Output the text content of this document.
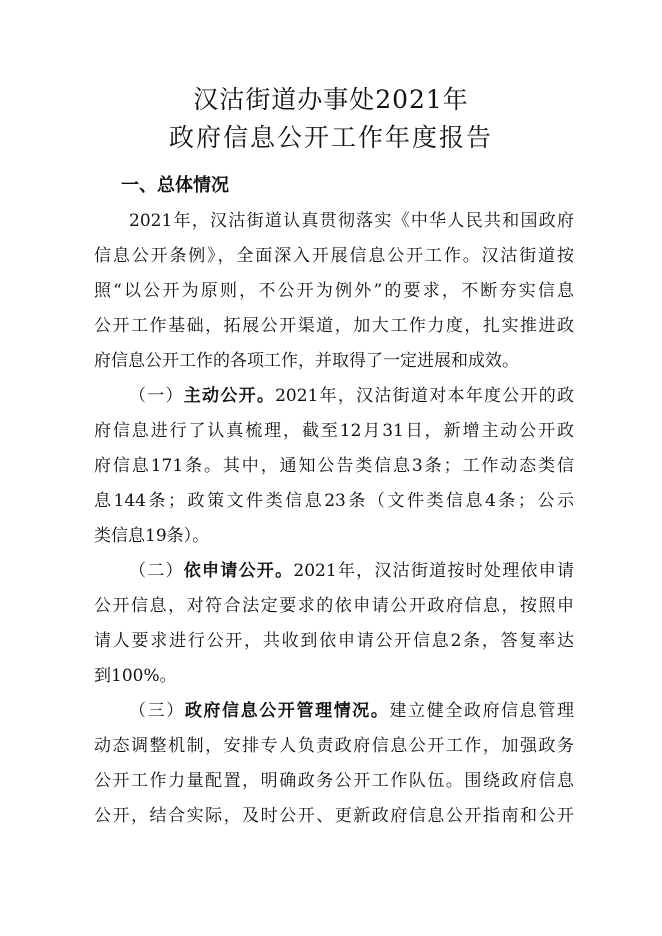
汉沽街道办事处2021年
政府信息公开工作年度报告
一、总体情况
2021年，汉沽街道认真贯彻落实《中华人民共和国政府
信息公开条例》，全面深入开展信息公开工作。汉沽街道按
照“以公开为原则，不公开为例外”的要求，不断夯实信息
公开工作基础，拓展公开渠道，加大工作力度，扎实推进政
府信息公开工作的各项工作，并取得了一定进展和成效。
（一）主动公开。2021年，汉沽街道对本年度公开的政
府信息进行了认真梳理，截至12月31日，新增主动公开政
府信息171条。其中，通知公告类信息3条；工作动态类信
息144条；政策文件类信息23条（文件类信息4条；公示
类信息19条）。
（二）依申请公开。2021年，汉沽街道按时处理依申请
公开信息，对符合法定要求的依申请公开政府信息，按照申
请人要求进行公开，共收到依申请公开信息2条，答复率达
到100%。
（三）政府信息公开管理情况。建立健全政府信息管理
动态调整机制，安排专人负责政府信息公开工作，加强政务
公开工作力量配置，明确政务公开工作队伍。围绕政府信息
公开，结合实际，及时公开、更新政府信息公开指南和公开
